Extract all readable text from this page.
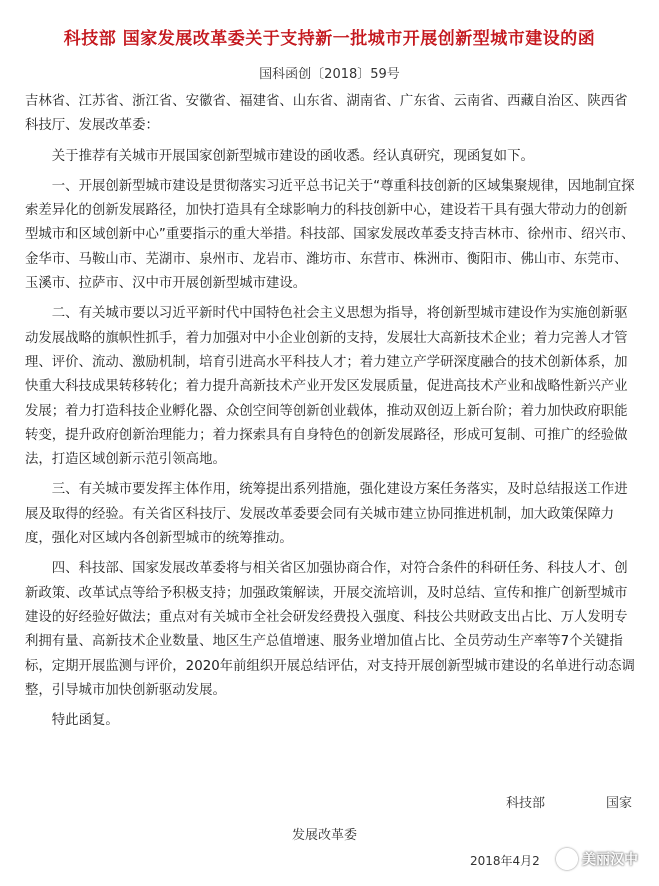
科技部 国家发展改革委关于支持新一批城市开展创新型城市建设的函
国科函创〔2018〕59号

吉林省、江苏省、浙江省、安徽省、福建省、山东省、湖南省、广东省、云南省、西藏自治区、陕西省科技厅、发展改革委：

关于推荐有关城市开展国家创新型城市建设的函收悉。经认真研究，现函复如下。

一、开展创新型城市建设是贯彻落实习近平总书记关于“尊重科技创新的区域集聚规律，因地制宜探索差异化的创新发展路径，加快打造具有全球影响力的科技创新中心，建设若干具有强大带动力的创新型城市和区域创新中心”重要指示的重大举措。科技部、国家发展改革委支持吉林市、徐州市、绍兴市、金华市、马鞍山市、芜湖市、泉州市、龙岩市、潍坊市、东营市、株洲市、衡阳市、佛山市、东莞市、玉溪市、拉萨市、汉中市开展创新型城市建设。

二、有关城市要以习近平新时代中国特色社会主义思想为指导，将创新型城市建设作为实施创新驱动发展战略的旗帜性抓手，着力加强对中小企业创新的支持，发展壮大高新技术企业；着力完善人才管理、评价、流动、激励机制，培育引进高水平科技人才；着力建立产学研深度融合的技术创新体系，加快重大科技成果转移转化；着力提升高新技术产业开发区发展质量，促进高技术产业和战略性新兴产业发展；着力打造科技企业孵化器、众创空间等创新创业载体，推动双创迈上新台阶；着力加快政府职能转变，提升政府创新治理能力；着力探索具有自身特色的创新发展路径，形成可复制、可推广的经验做法，打造区域创新示范引领高地。

三、有关城市要发挥主体作用，统筹提出系列措施，强化建设方案任务落实，及时总结报送工作进展及取得的经验。有关省区科技厅、发展改革委要会同有关城市建立协同推进机制，加大政策保障力度，强化对区域内各创新型城市的统筹推动。

四、科技部、国家发展改革委将与相关省区加强协商合作，对符合条件的科研任务、科技人才、创新政策、改革试点等给予积极支持；加强政策解读，开展交流培训，及时总结、宣传和推广创新型城市建设的好经验好做法；重点对有关城市全社会研发经费投入强度、科技公共财政支出占比、万人发明专利拥有量、高新技术企业数量、地区生产总值增速、服务业增加值占比、全员劳动生产率等7个关键指标，定期开展监测与评价，2020年前组织开展总结评估，对支持开展创新型城市建设的名单进行动态调整，引导城市加快创新驱动发展。

特此函复。

科技部	国家
发展改革委
2018年4月2	美丽汉中
